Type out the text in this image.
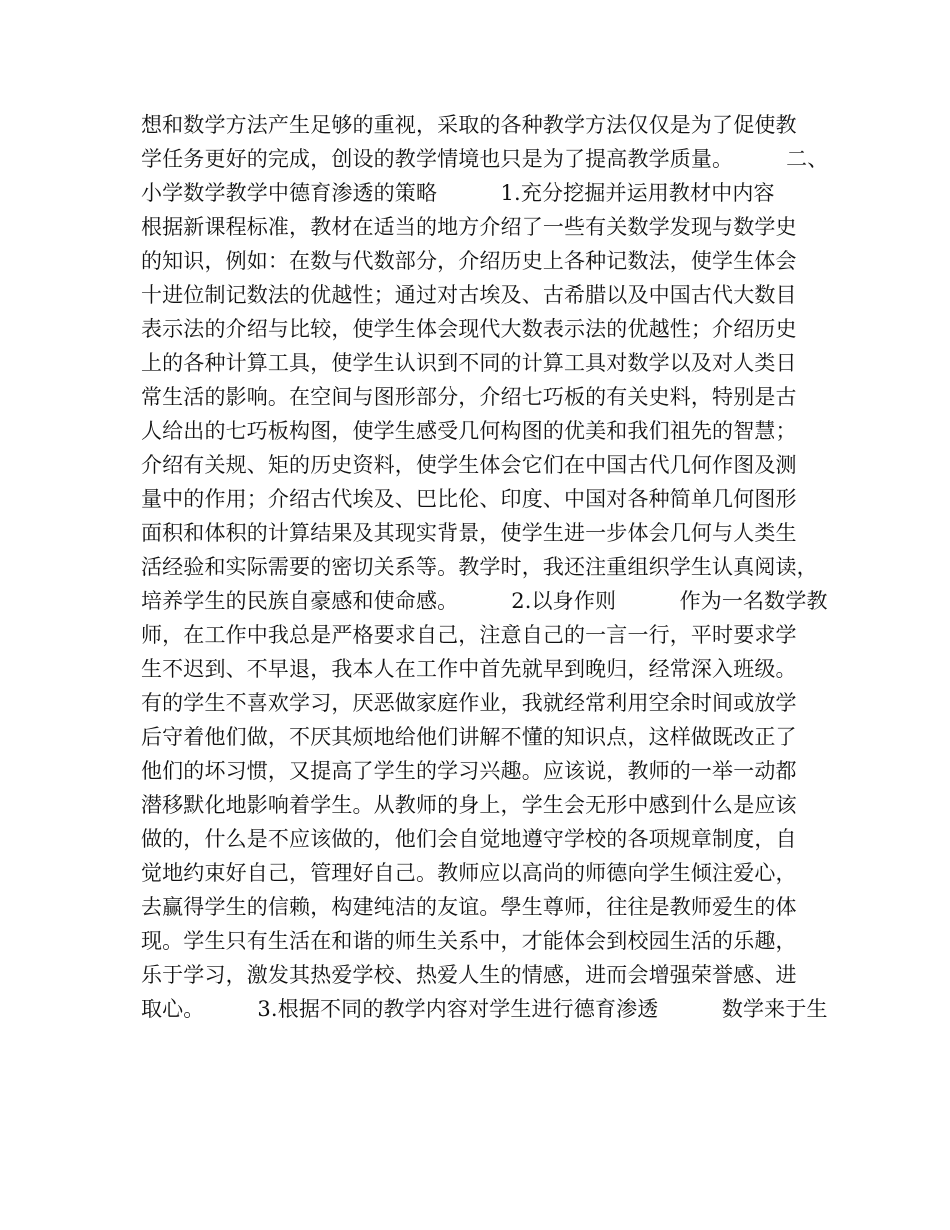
想和数学方法产生足够的重视，采取的各种教学方法仅仅是为了促使教
学任务更好的完成，创设的教学情境也只是为了提高教学质量。　　　二、
小学数学教学中德育渗透的策略　　　1.充分挖掘并运用教材中内容
根据新课程标准，教材在适当的地方介绍了一些有关数学发现与数学史
的知识，例如：在数与代数部分，介绍历史上各种记数法，使学生体会
十进位制记数法的优越性；通过对古埃及、古希腊以及中国古代大数目
表示法的介绍与比较，使学生体会现代大数表示法的优越性；介绍历史
上的各种计算工具，使学生认识到不同的计算工具对数学以及对人类日
常生活的影响。在空间与图形部分，介绍七巧板的有关史料，特别是古
人给出的七巧板构图，使学生感受几何构图的优美和我们祖先的智慧；
介绍有关规、矩的历史资料，使学生体会它们在中国古代几何作图及测
量中的作用；介绍古代埃及、巴比伦、印度、中国对各种简单几何图形
面积和体积的计算结果及其现实背景，使学生进一步体会几何与人类生
活经验和实际需要的密切关系等。教学时，我还注重组织学生认真阅读，
培养学生的民族自豪感和使命感。　　　2.以身作则　　　作为一名数学教
师，在工作中我总是严格要求自己，注意自己的一言一行，平时要求学
生不迟到、不早退，我本人在工作中首先就早到晚归，经常深入班级。
有的学生不喜欢学习，厌恶做家庭作业，我就经常利用空余时间或放学
后守着他们做，不厌其烦地给他们讲解不懂的知识点，这样做既改正了
他们的坏习惯，又提高了学生的学习兴趣。应该说，教师的一举一动都
潜移默化地影响着学生。从教师的身上，学生会无形中感到什么是应该
做的，什么是不应该做的，他们会自觉地遵守学校的各项规章制度，自
觉地约束好自己，管理好自己。教师应以高尚的师德向学生倾注爱心，
去赢得学生的信赖，构建纯洁的友谊。學生尊师，往往是教师爱生的体
现。学生只有生活在和谐的师生关系中，才能体会到校园生活的乐趣，
乐于学习，激发其热爱学校、热爱人生的情感，进而会增强荣誉感、进
取心。　　　3.根据不同的教学内容对学生进行德育渗透　　　数学来于生
